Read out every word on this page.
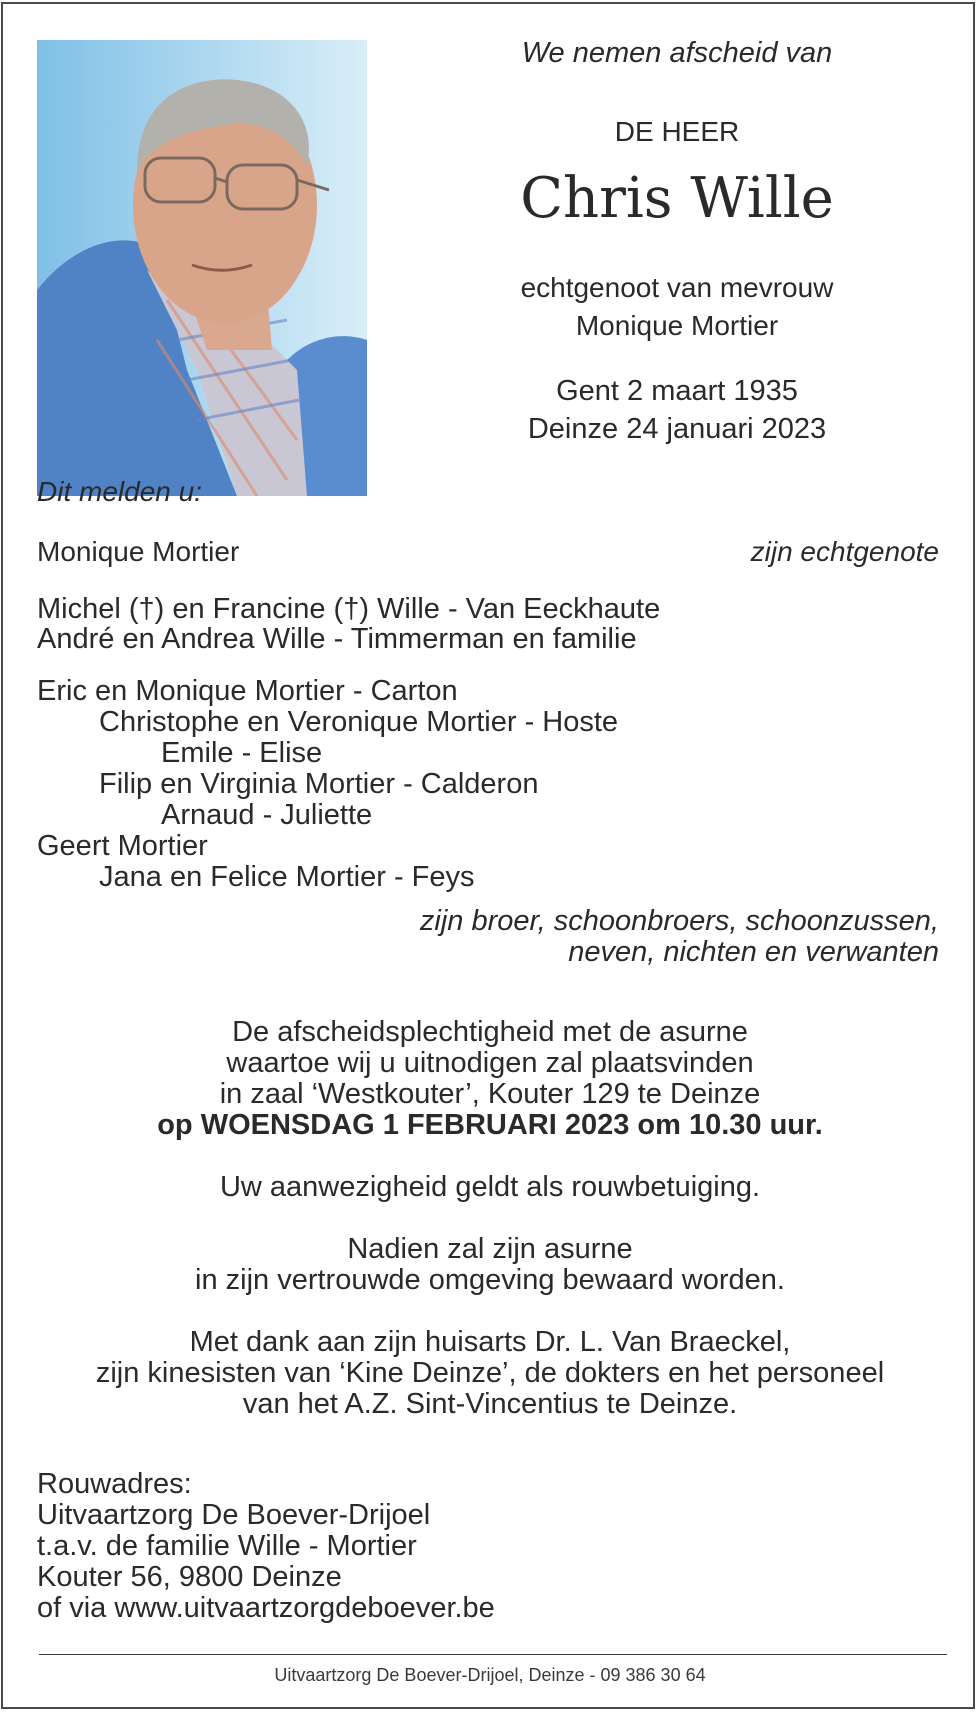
We nemen afscheid van

DE HEER

Chris Wille

echtgenoot van mevrouw

Monique Mortier

Gent 2 maart 1935

Deinze 24 januari 2023

Dit melden u:

Monique Mortier	zijn echtgenote

Michel (†) en Francine (†) Wille - Van Eeckhaute

André en Andrea Wille - Timmerman en familie

Eric en Monique Mortier - Carton

Christophe en Veronique Mortier - Hoste

Emile - Elise

Filip en Virginia Mortier - Calderon

Arnaud - Juliette

Geert Mortier

Jana en Felice Mortier - Feys

zijn broer, schoonbroers, schoonzussen,

neven, nichten en verwanten

De afscheidsplechtigheid met de asurne

waartoe wij u uitnodigen zal plaatsvinden

in zaal ‘Westkouter’, Kouter 129 te Deinze

op WOENSDAG 1 FEBRUARI 2023 om 10.30 uur.

Uw aanwezigheid geldt als rouwbetuiging.

Nadien zal zijn asurne

in zijn vertrouwde omgeving bewaard worden.

Met dank aan zijn huisarts Dr. L. Van Braeckel,

zijn kinesisten van ‘Kine Deinze’, de dokters en het personeel

van het A.Z. Sint-Vincentius te Deinze.

Rouwadres:

Uitvaartzorg De Boever-Drijoel

t.a.v. de familie Wille - Mortier

Kouter 56, 9800 Deinze

of via www.uitvaartzorgdeboever.be

Uitvaartzorg De Boever-Drijoel, Deinze - 09 386 30 64
